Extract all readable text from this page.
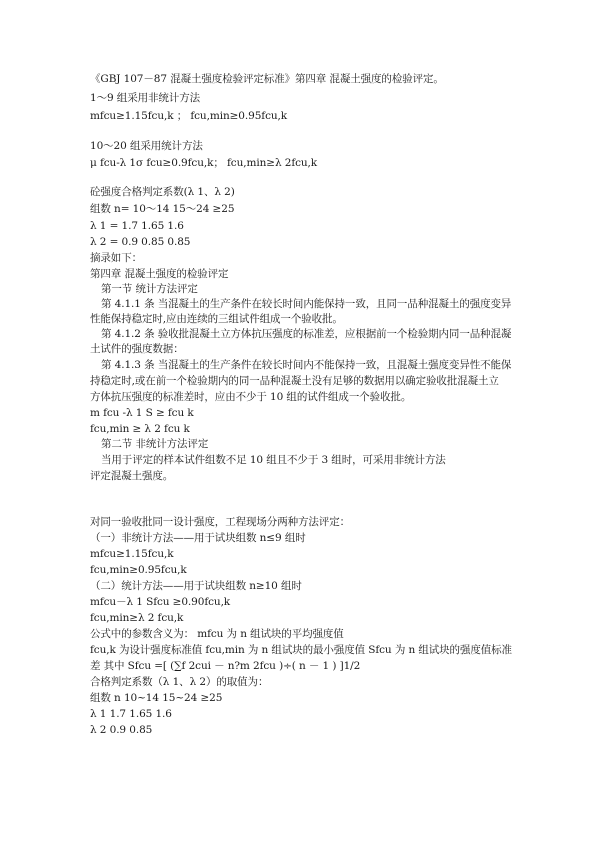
《GBJ 107－87 混凝土强度检验评定标准》第四章 混凝土强度的检验评定。
1～9 组采用非统计方法
mfcu≥1.15fcu,k ； fcu,min≥0.95fcu,k
10～20 组采用统计方法
μ fcu-λ 1σ fcu≥0.9fcu,k； fcu,min≥λ 2fcu,k
砼强度合格判定系数(λ 1、λ 2)
组数 n= 10～14 15～24 ≥25
λ 1 = 1.7 1.65 1.6
λ 2 = 0.9 0.85 0.85
摘录如下：
第四章 混凝土强度的检验评定
第一节 统计方法评定
第 4.1.1 条 当混凝土的生产条件在较长时间内能保持一致，且同一品种混凝土的强度变异
性能保持稳定时,应由连续的三组试件组成一个验收批。
第 4.1.2 条 验收批混凝土立方体抗压强度的标准差，应根据前一个检验期内同一品种混凝
土试件的强度数据：
第 4.1.3 条 当混凝土的生产条件在较长时间内不能保持一致，且混凝土强度变异性不能保
持稳定时,或在前一个检验期内的同一品种混凝土没有足够的数据用以确定验收批混凝土立
方体抗压强度的标准差时，应由不少于 10 组的试件组成一个验收批。
m fcu -λ 1 S ≥ fcu k
fcu,min ≥ λ 2 fcu k
第二节 非统计方法评定
当用于评定的样本试件组数不足 10 组且不少于 3 组时，可采用非统计方法
评定混凝土强度。
对同一验收批同一设计强度，工程现场分两种方法评定：
（一）非统计方法——用于试块组数 n≤9 组时
mfcu≥1.15fcu,k
fcu,min≥0.95fcu,k
（二）统计方法——用于试块组数 n≥10 组时
mfcu－λ 1 Sfcu ≥0.90fcu,k
fcu,min≥λ 2 fcu,k
公式中的参数含义为： mfcu 为 n 组试块的平均强度值
fcu,k 为设计强度标准值 fcu,min 为 n 组试块的最小强度值 Sfcu 为 n 组试块的强度值标准
差 其中 Sfcu =[ (∑f 2cui － n?m 2fcu )÷( n － 1 ) ]1/2
合格判定系数（λ 1、λ 2）的取值为：
组数 n 10~14 15~24 ≥25
λ 1 1.7 1.65 1.6
λ 2 0.9 0.85
